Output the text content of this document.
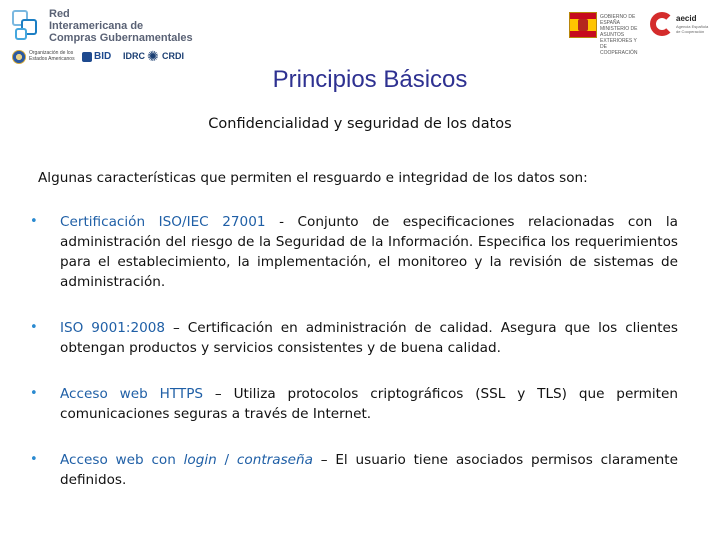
Red
Interamericana de
Compras Gubernamentales
Organización de los Estados Americanos	BID IDRC ✺ CRDI
GOBIERNO DE ESPAÑA MINISTERIO DE ASUNTOS EXTERIORES Y DE COOPERACIÓN
aecid
Agencia Española de Cooperación
Principios Básicos
Confidencialidad y seguridad de los datos
Algunas características que permiten el resguardo e integridad de los datos son:
• Certificación ISO/IEC 27001 - Conjunto de especificaciones relacionadas con la administración del riesgo de la Seguridad de la Información. Especifica los requerimientos para el establecimiento, la implementación, el monitoreo y la revisión de sistemas de administración.
• ISO 9001:2008 – Certificación en administración de calidad. Asegura que los clientes obtengan productos y servicios consistentes y de buena calidad.
• Acceso web HTTPS – Utiliza protocolos criptográficos (SSL y TLS) que permiten comunicaciones seguras a través de Internet.
• Acceso web con login / contraseña – El usuario tiene asociados permisos claramente definidos.
